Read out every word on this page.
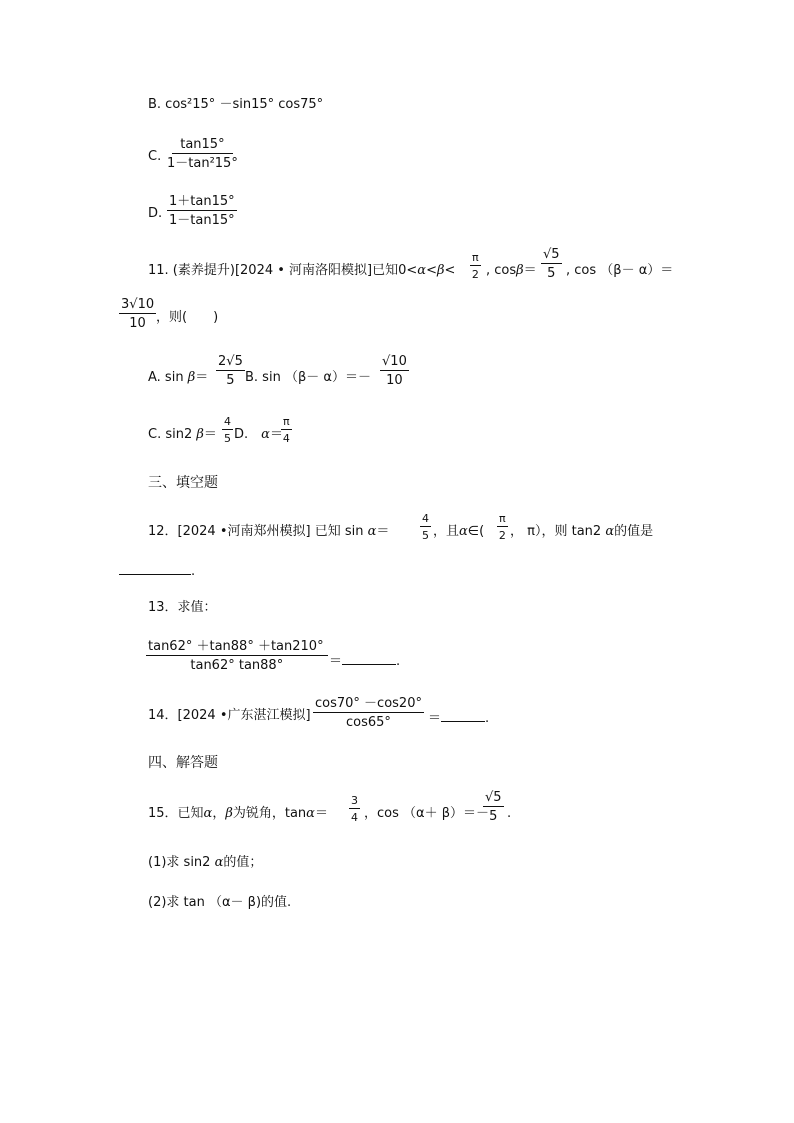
B. cos²15° －sin15° cos75°
C. $\frac{\tan 15^\circ}{\text{1－tan²15°}}$
D. $\frac{1+\tan 15^\circ}{1-\tan 15^\circ}$
11. (素养提升)[2024 • 河南洛阳模拟]已知$0<\alpha<\beta< \frac{\pi}{2}$ , $\cos\beta= \frac{√5}{5}$ , cos （β－ α）＝
$\frac{3√10}{10}$ ，则(　　)
A. $\sin \beta= \frac{2√5}{5} B$. $\sin (\beta- \alpha)=- \frac{√10}{10}$
C. sin2 $\beta= \frac{4}{5} D$.　 α＝
$\frac{\pi}{4}$
三、填空题
12．[2024 •河南郑州模拟] 已知 sin α＝	$\frac{4}{5}$ ，且α∈( $\frac{\pi}{2}$ ， π），则 tan2 α的值是
.
13．求值：
$\frac{\tan 62^\circ +\tan 88^\circ +\tan 210^\circ}{\tan 62^\circ \tan 88^\circ}$ ＝	.
14．[2024 •广东湛江模拟] $\frac{\cos 70^\circ -\cos 20^\circ}{\cos 65^\circ}$ ＝	.
四、解答题
15．已知α，β为锐角，$\tan\alpha= \frac{3}{4}$ ，cos （α＋ β）＝－
$\frac{√5}{5}$ .
(1)求 sin2 α的值；
(2)求 tan （α－ β)的值.
